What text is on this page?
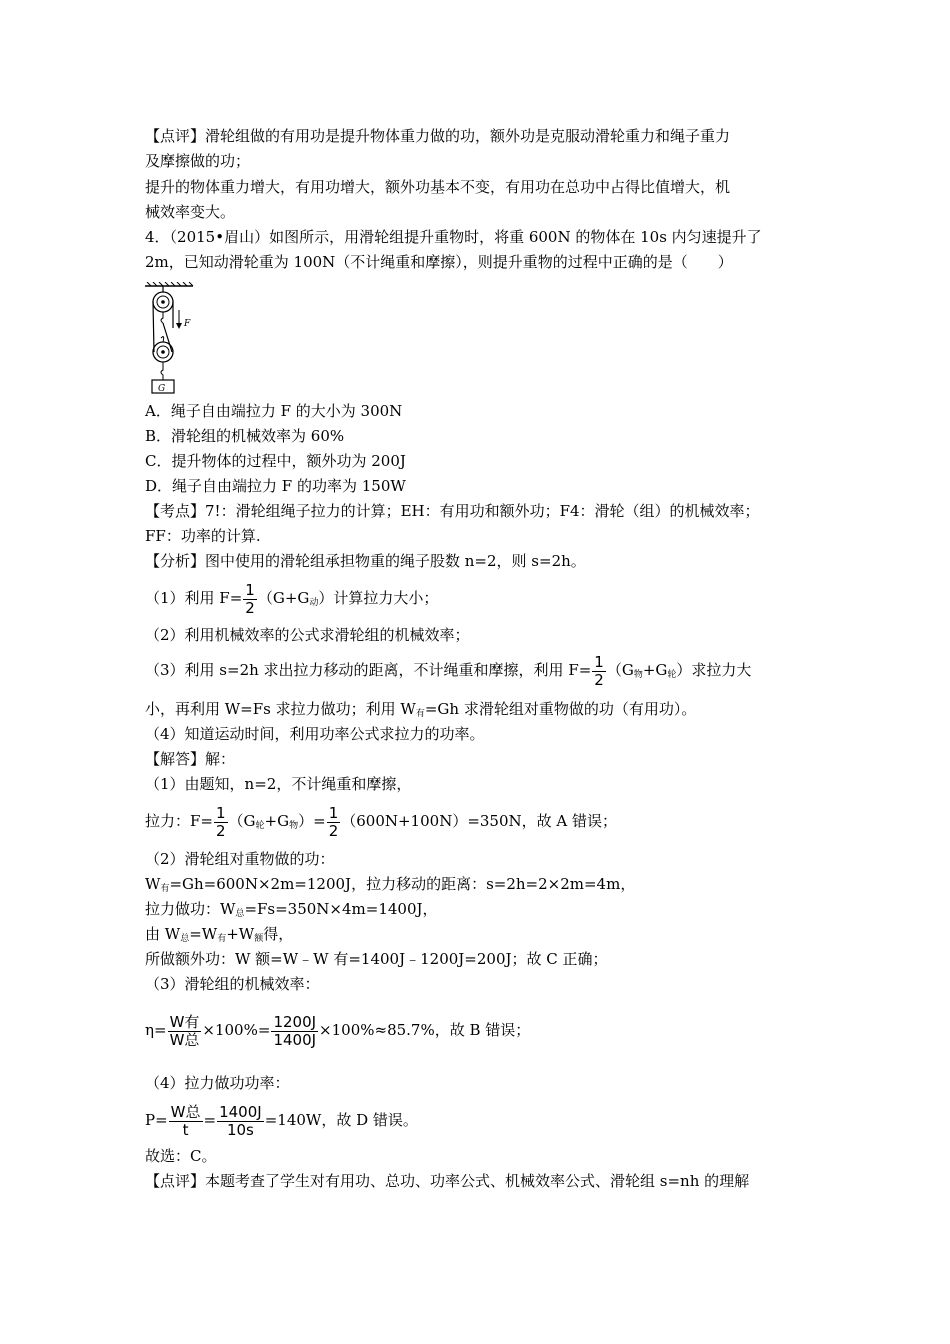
【点评】滑轮组做的有用功是提升物体重力做的功，额外功是克服动滑轮重力和绳子重力
及摩擦做的功；
提升的物体重力增大，有用功增大，额外功基本不变，有用功在总功中占得比值增大，机
械效率变大。
4．（2015•眉山）如图所示，用滑轮组提升重物时，将重 600N 的物体在 10s 内匀速提升了
2m，已知动滑轮重为 100N（不计绳重和摩擦），则提升重物的过程中正确的是（　　）
F
G
A．绳子自由端拉力 F 的大小为 300N
B．滑轮组的机械效率为 60%
C．提升物体的过程中，额外功为 200J
D．绳子自由端拉力 F 的功率为 150W
【考点】7!：滑轮组绳子拉力的计算；EH：有用功和额外功；F4：滑轮（组）的机械效率；
FF：功率的计算.
【分析】图中使用的滑轮组承担物重的绳子股数 n=2，则 s=2h。
（1）利用 $F= \frac{1}{2} (G+G_动)$计算拉力大小；
（2）利用机械效率的公式求滑轮组的机械效率；
（3）利用 s=2h 求出拉力移动的距离，不计绳重和摩擦，利用 $F= \frac{1}{2} (G_物+G_轮)$求拉力大
小，再利用 W=Fs 求拉力做功；利用 $W_有=Gh$ 求滑轮组对重物做的功（有用功）。
（4）知道运动时间，利用功率公式求拉力的功率。
【解答】解：
（1）由题知，n=2，不计绳重和摩擦，
拉力：$F= \frac{1}{2} (G_轮+G_物)= \frac{1}{2} (600N+100N)=350N$，故 A 错误；
（2）滑轮组对重物做的功：
$W_有=Gh=600N\times 2m=1200J$，拉力移动的距离：s=2h=2×2m=4m，
拉力做功：$W_总=Fs=350N\times 4m=1400J$，
由 $W_总=W_有+W_额$得，
所做额外功：W 额=W﹣W 有=1400J﹣1200J=200J；故 C 正确；
（3）滑轮组的机械效率：
$\eta= \frac{\text{W有}}{\text{W总}} \times 100\%= \frac{1200J}{1400J} \times 100\%\approx 85.7\%$，故 B 错误；
（4）拉力做功功率：
$P= \frac{\text{W总}}{t} = \frac{1400J}{10s} =140W$，故 D 错误。
故选：C。
【点评】本题考查了学生对有用功、总功、功率公式、机械效率公式、滑轮组 s=nh 的理解
